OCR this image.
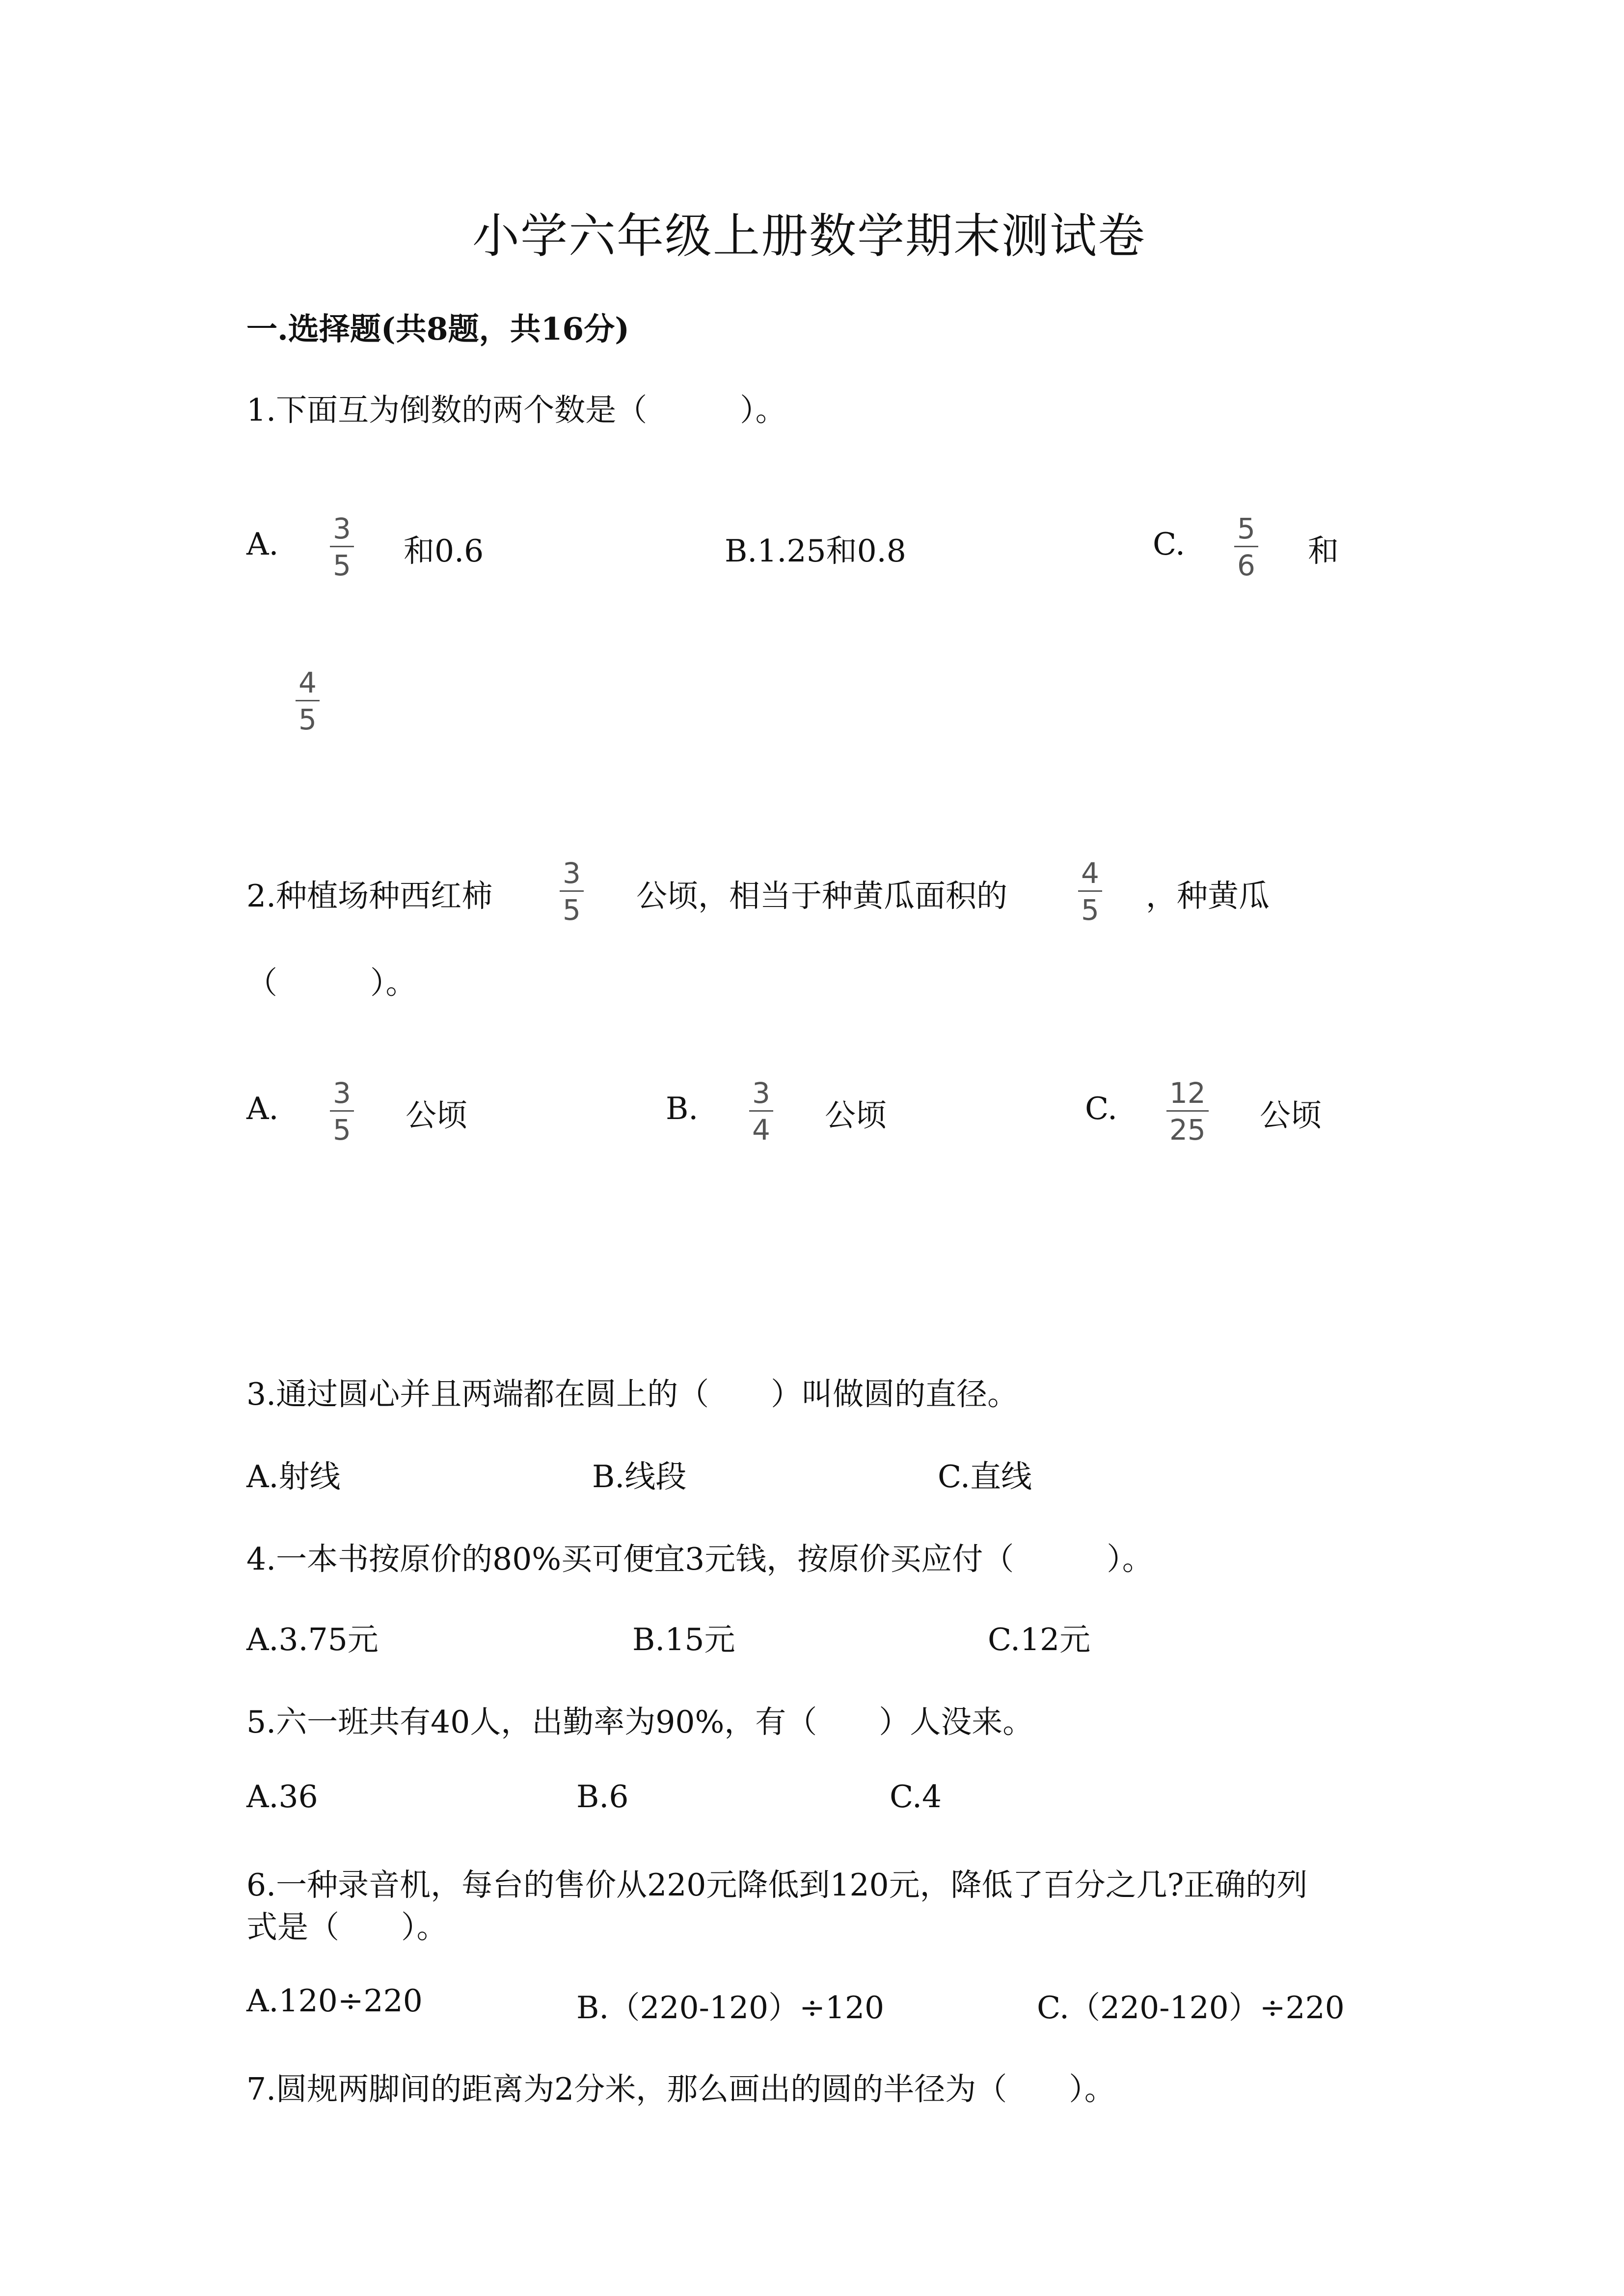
小学六年级上册数学期末测试卷
一.选择题(共8题，共16分)
1.下面互为倒数的两个数是（　　　）。
A. 3
5 和0.6	B.1.25和0.8	C. 5
6 和
4
5
2.种植场种西红柿
3
5 公顷，相当于种黄瓜面积的
4
5 ，种黄瓜
（　　　）。
A. 3
5 公顷	B. 3
4 公顷	C. 12
25 公顷
3.通过圆心并且两端都在圆上的（　　）叫做圆的直径。
A.射线	B.线段	C.直线
4.一本书按原价的80%买可便宜3元钱，按原价买应付（　　　）。
A.3.75元	B.15元	C.12元
5.六一班共有40人，出勤率为90%，有（　　）人没来。
A.36	B.6	C.4
6.一种录音机，每台的售价从220元降低到120元，降低了百分之几?正确的列
式是（　　）。
A.120÷220	B.（220-120）÷120	C.（220-120）÷220
7.圆规两脚间的距离为2分米，那么画出的圆的半径为（　　）。
